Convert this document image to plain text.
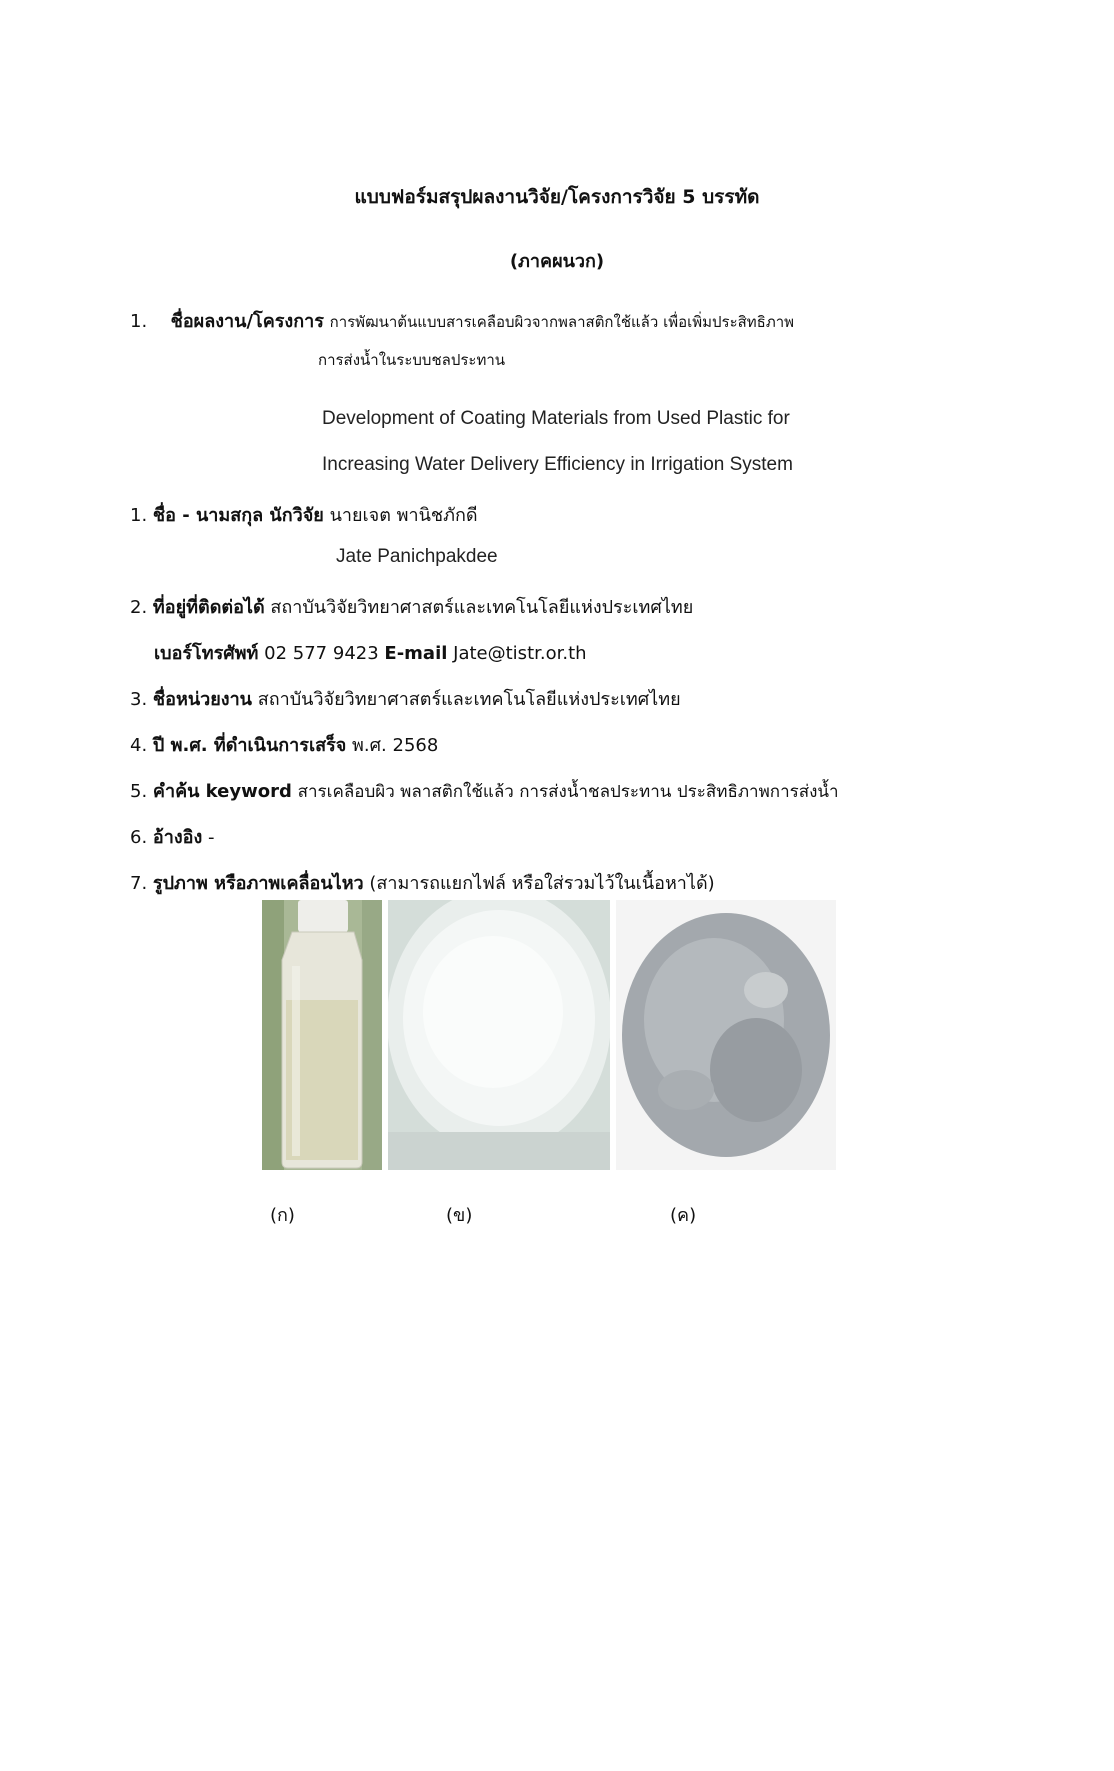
แบบฟอร์มสรุปผลงานวิจัย/โครงการวิจัย 5 บรรทัด
(ภาคผนวก)
1. ชื่อผลงาน/โครงการ การพัฒนาต้นแบบสารเคลือบผิวจากพลาสติกใช้แล้ว เพื่อเพิ่มประสิทธิภาพ
การส่งน้ำในระบบชลประทาน
Development of Coating Materials from Used Plastic for
Increasing Water Delivery Efficiency in Irrigation System
1. ชื่อ - นามสกุล นักวิจัย นายเจต พานิชภักดี
Jate Panichpakdee
2. ที่อยู่ที่ติดต่อได้ สถาบันวิจัยวิทยาศาสตร์และเทคโนโลยีแห่งประเทศไทย
เบอร์โทรศัพท์ 02 577 9423 E-mail Jate@tistr.or.th
3. ชื่อหน่วยงาน สถาบันวิจัยวิทยาศาสตร์และเทคโนโลยีแห่งประเทศไทย
4. ปี พ.ศ. ที่ดำเนินการเสร็จ พ.ศ. 2568
5. คำค้น keyword สารเคลือบผิว พลาสติกใช้แล้ว การส่งน้ำชลประทาน ประสิทธิภาพการส่งน้ำ
6. อ้างอิง -
7. รูปภาพ หรือภาพเคลื่อนไหว (สามารถแยกไฟล์ หรือใส่รวมไว้ในเนื้อหาได้)
(ก)	(ข)	(ค)
